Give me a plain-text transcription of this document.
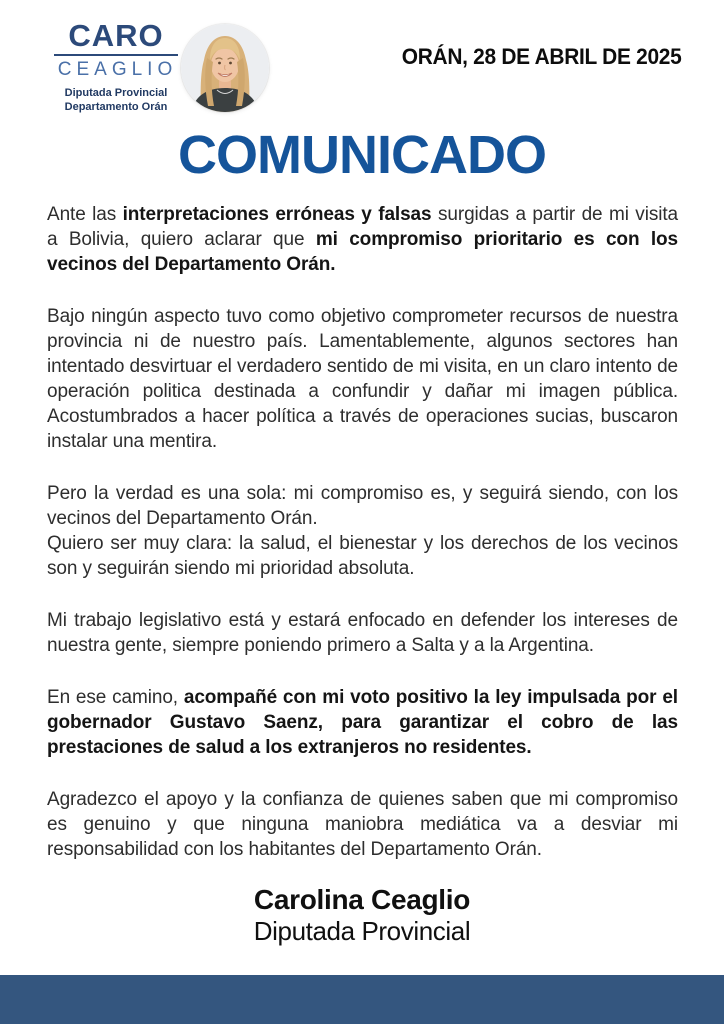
CARO
CEAGLIO
Diputada Provincial
Departamento Orán
ORÁN, 28 DE ABRIL DE 2025
COMUNICADO

Ante las interpretaciones erróneas y falsas surgidas a partir de mi visita a Bolivia, quiero aclarar que mi compromiso prioritario es con los vecinos del Departamento Orán.

Bajo ningún aspecto tuvo como objetivo comprometer recursos de nuestra provincia ni de nuestro país. Lamentablemente, algunos sectores han intentado desvirtuar el verdadero sentido de mi visita, en un claro intento de operación politica destinada a confundir y dañar mi imagen pública. Acostumbrados a hacer política a través de operaciones sucias, buscaron instalar una mentira.

Pero la verdad es una sola: mi compromiso es, y seguirá siendo, con los vecinos del Departamento Orán.
Quiero ser muy clara: la salud, el bienestar y los derechos de los vecinos son y seguirán siendo mi prioridad absoluta.

Mi trabajo legislativo está y estará enfocado en defender los intereses de nuestra gente, siempre poniendo primero a Salta y a la Argentina.

En ese camino, acompañé con mi voto positivo la ley impulsada por el gobernador Gustavo Saenz, para garantizar el cobro de las prestaciones de salud a los extranjeros no residentes.

Agradezco el apoyo y la confianza de quienes saben que mi compromiso es genuino y que ninguna maniobra mediática va a desviar mi responsabilidad con los habitantes del Departamento Orán.

Carolina Ceaglio
Diputada Provincial
